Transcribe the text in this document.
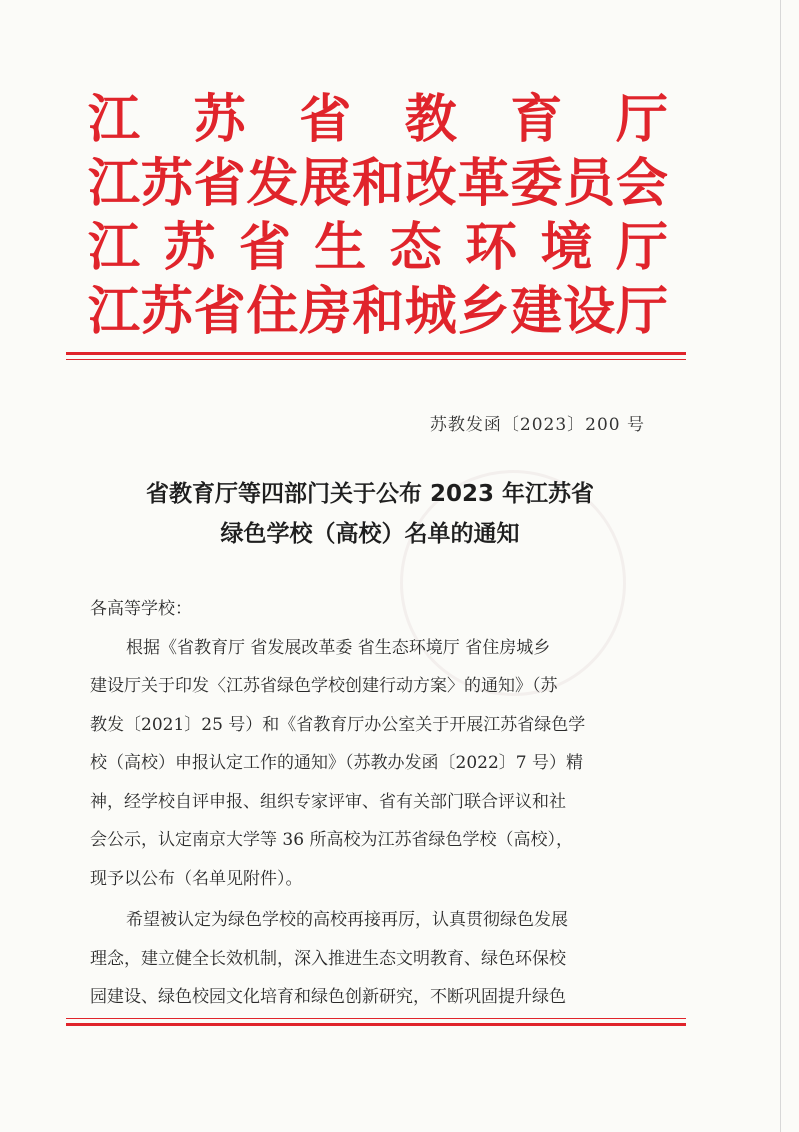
江 苏 省 教 育 厅
江 苏 省 发 展 和 改 革 委 员 会
江 苏 省 生 态 环 境 厅
江 苏 省 住 房 和 城 乡 建 设 厅
苏教发函〔2023〕200 号
省教育厅等四部门关于公布 2023 年江苏省
绿色学校（高校）名单的通知

各高等学校：

根据《省教育厅 省发展改革委 省生态环境厅 省住房城乡
建设厅关于印发〈江苏省绿色学校创建行动方案〉的通知》（苏
教发〔2021〕25 号）和《省教育厅办公室关于开展江苏省绿色学
校（高校）申报认定工作的通知》（苏教办发函〔2022〕7 号）精
神，经学校自评申报、组织专家评审、省有关部门联合评议和社
会公示，认定南京大学等 36 所高校为江苏省绿色学校（高校），
现予以公布（名单见附件）。

希望被认定为绿色学校的高校再接再厉，认真贯彻绿色发展
理念，建立健全长效机制，深入推进生态文明教育、绿色环保校
园建设、绿色校园文化培育和绿色创新研究，不断巩固提升绿色
